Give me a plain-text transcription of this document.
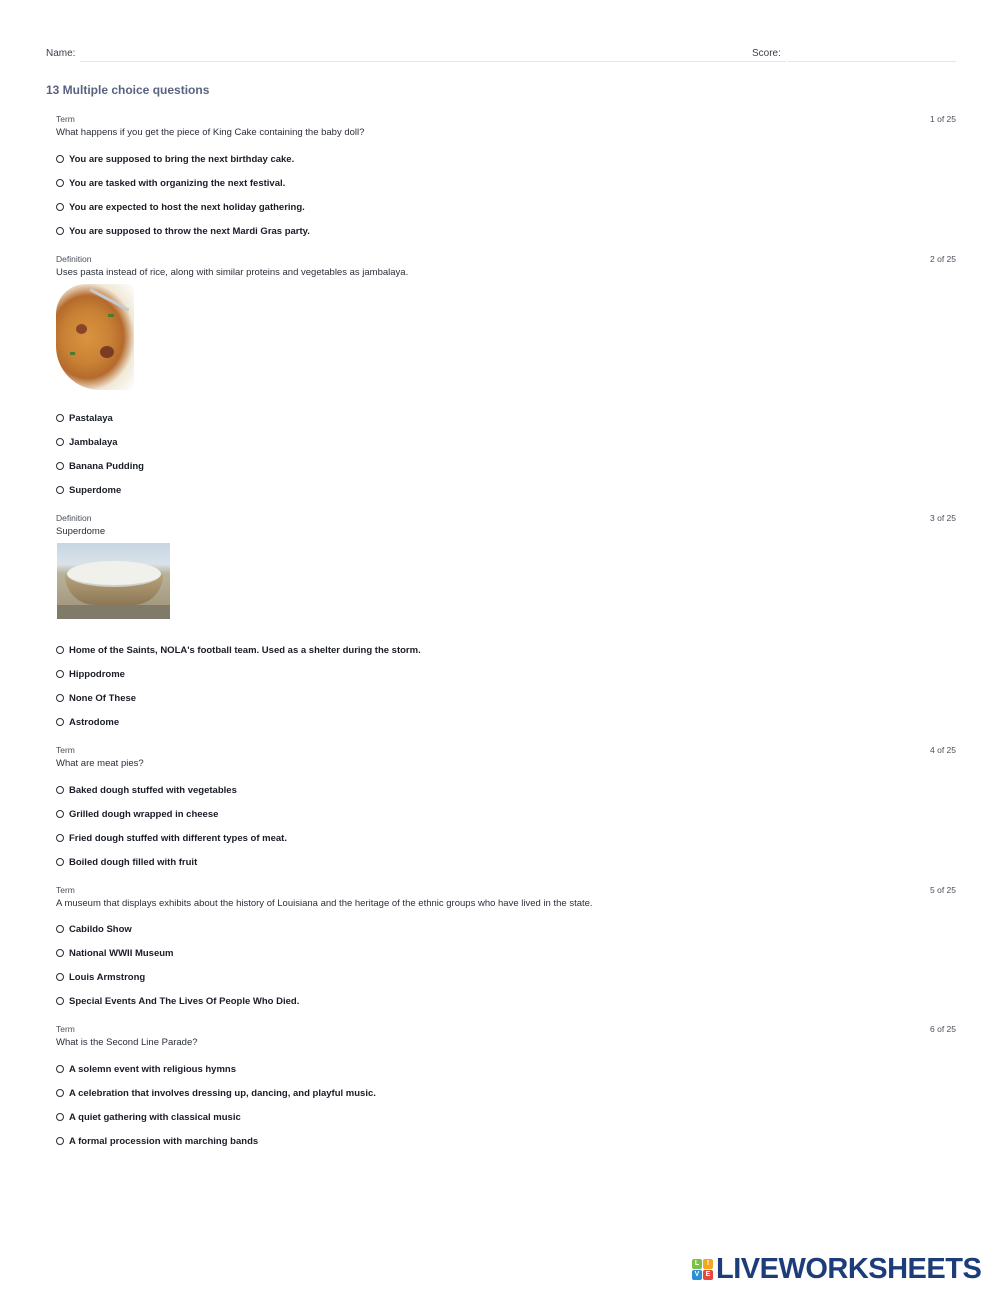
Name:	Score:
13 Multiple choice questions
Term	1 of 25
What happens if you get the piece of King Cake containing the baby doll?
You are supposed to bring the next birthday cake.
You are tasked with organizing the next festival.
You are expected to host the next holiday gathering.
You are supposed to throw the next Mardi Gras party.
Definition	2 of 25
Uses pasta instead of rice, along with similar proteins and vegetables as jambalaya.
Pastalaya
Jambalaya
Banana Pudding
Superdome
Definition	3 of 25
Superdome
Home of the Saints, NOLA's football team. Used as a shelter during the storm.
Hippodrome
None Of These
Astrodome
Term	4 of 25
What are meat pies?
Baked dough stuffed with vegetables
Grilled dough wrapped in cheese
Fried dough stuffed with different types of meat.
Boiled dough filled with fruit
Term	5 of 25
A museum that displays exhibits about the history of Louisiana and the heritage of the ethnic groups who have lived in the state.
Cabildo Show
National WWII Museum
Louis Armstrong
Special Events And The Lives Of People Who Died.
Term	6 of 25
What is the Second Line Parade?
A solemn event with religious hymns
A celebration that involves dressing up, dancing, and playful music.
A quiet gathering with classical music
A formal procession with marching bands
L	I
V E LIVEWORKSHEETS
